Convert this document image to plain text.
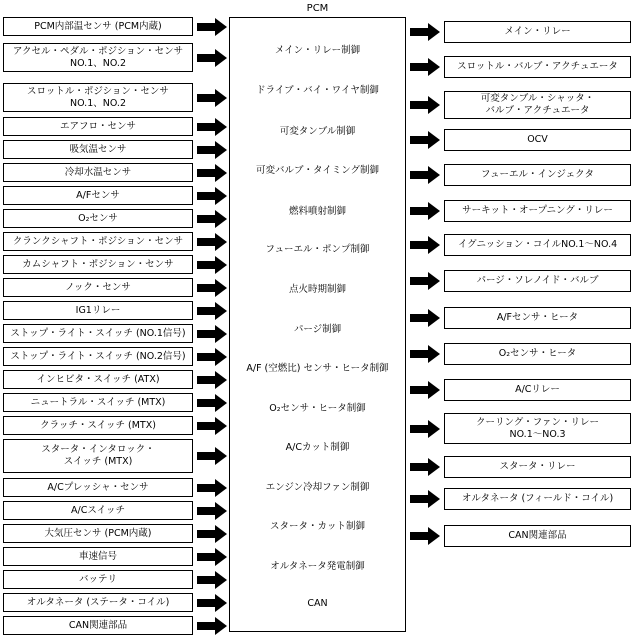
PCM
メイン・リレー制御
ドライブ・バイ・ワイヤ制御
可変タンブル制御
可変バルブ・タイミング制御
燃料噴射制御
フューエル・ポンプ制御
点火時期制御
パージ制御
A/F (空燃比) センサ・ヒータ制御
O₂センサ・ヒータ制御
A/Cカット制御
エンジン冷却ファン制御
スタータ・カット制御
オルタネータ発電制御
CAN
PCM内部温センサ (PCM内蔵)
アクセル・ペダル・ポジション・センサ
NO.1、NO.2
スロットル・ポジション・センサ
NO.1、NO.2
エアフロ・センサ
吸気温センサ
冷却水温センサ
A/Fセンサ
O₂センサ
クランクシャフト・ポジション・センサ
カムシャフト・ポジション・センサ
ノック・センサ
IG1リレー
ストップ・ライト・スイッチ (NO.1信号)
ストップ・ライト・スイッチ (NO.2信号)
インヒビタ・スイッチ (ATX)
ニュートラル・スイッチ (MTX)
クラッチ・スイッチ (MTX)
スタータ・インタロック・
スイッチ (MTX)
A/Cプレッシャ・センサ
A/Cスイッチ
大気圧センサ (PCM内蔵)
車速信号
バッテリ
オルタネータ (ステータ・コイル)
CAN関連部品
メイン・リレー
スロットル・バルブ・アクチュエータ
可変タンブル・シャッタ・
バルブ・アクチュエータ
OCV
フューエル・インジェクタ
サーキット・オープニング・リレー
イグニッション・コイルNO.1～NO.4
パージ・ソレノイド・バルブ
A/Fセンサ・ヒータ
O₂センサ・ヒータ
A/Cリレー
クーリング・ファン・リレー
NO.1～NO.3
スタータ・リレー
オルタネータ (フィールド・コイル)
CAN関連部品
